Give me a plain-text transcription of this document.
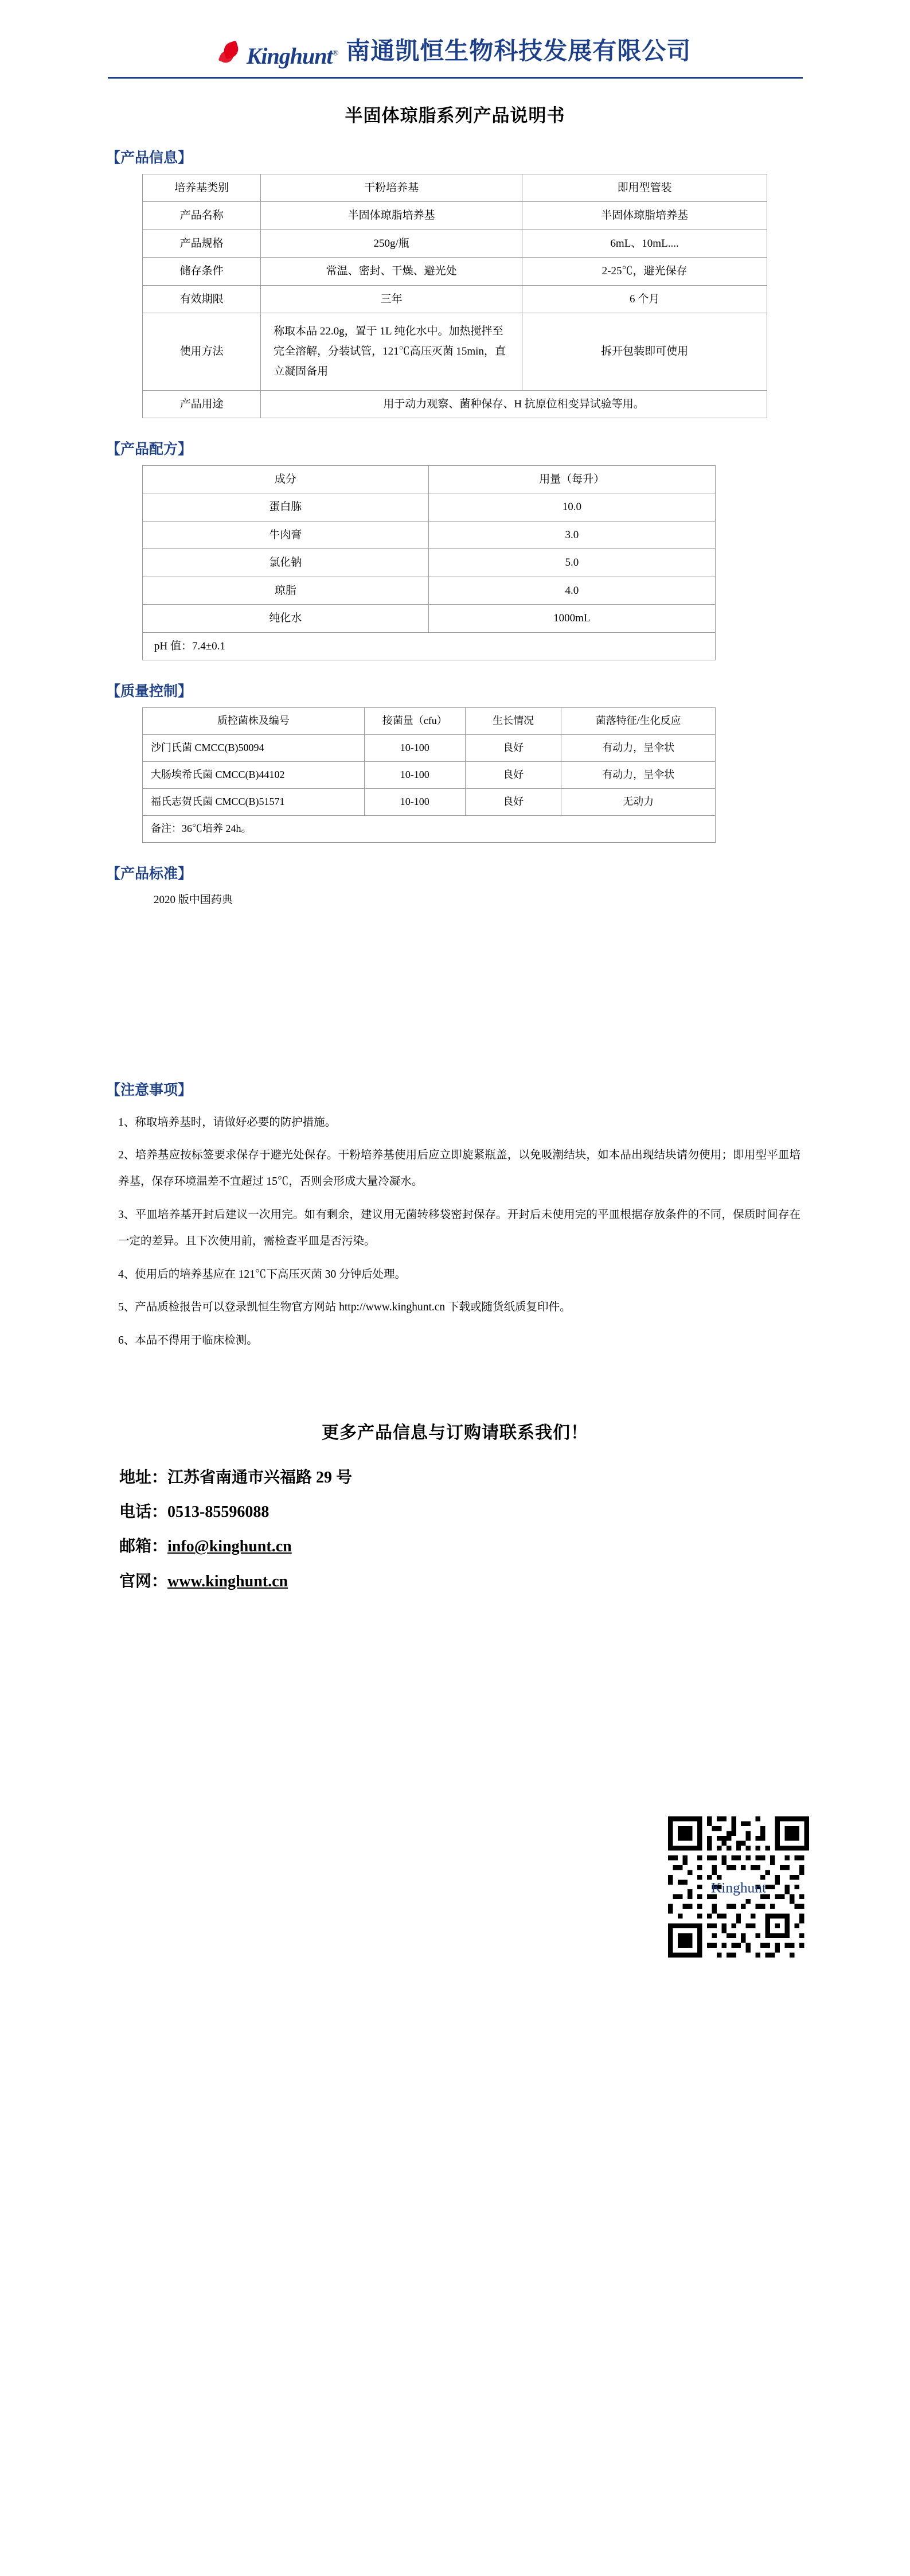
Kinghunt® 南通凯恒生物科技发展有限公司
半固体琼脂系列产品说明书
【产品信息】
培养基类别	干粉培养基	即用型管装
产品名称	半固体琼脂培养基	半固体琼脂培养基
产品规格	250g/瓶	6mL、10mL....
储存条件	常温、密封、干燥、避光处	2-25℃，避光保存
有效期限	三年	6 个月
使用方法	称取本品 22.0g，置于 1L 纯化水中。加热搅拌至完全溶解，分装试管，121℃高压灭菌 15min，直立凝固备用	拆开包装即可使用
产品用途	用于动力观察、菌种保存、H 抗原位相变异试验等用。	
【产品配方】
成分	用量（每升）
蛋白胨	10.0
牛肉膏	3.0
氯化钠	5.0
琼脂	4.0
纯化水	1000mL
pH 值：7.4±0.1	
【质量控制】
质控菌株及编号	接菌量（cfu）	生长情况	菌落特征/生化反应
沙门氏菌 CMCC(B)50094	10-100	良好	有动力，呈伞状
大肠埃希氏菌 CMCC(B)44102	10-100	良好	有动力，呈伞状
福氏志贺氏菌 CMCC(B)51571	10-100	良好	无动力
备注：36℃培养 24h。			
【产品标准】
2020 版中国药典
【注意事项】
1、称取培养基时，请做好必要的防护措施。
2、培养基应按标签要求保存于避光处保存。干粉培养基使用后应立即旋紧瓶盖，以免吸潮结块，如本品出现结块请勿使用；即用型平皿培养基，保存环境温差不宜超过 15℃，否则会形成大量冷凝水。
3、平皿培养基开封后建议一次用完。如有剩余，建议用无菌转移袋密封保存。开封后未使用完的平皿根据存放条件的不同，保质时间存在一定的差异。且下次使用前，需检查平皿是否污染。
4、使用后的培养基应在 121℃下高压灭菌 30 分钟后处理。
5、产品质检报告可以登录凯恒生物官方网站 http://www.kinghunt.cn 下载或随货纸质复印件。
6、本品不得用于临床检测。
更多产品信息与订购请联系我们！
地址：江苏省南通市兴福路 29 号
电话：0513-85596088
邮箱：info@kinghunt.cn
官网：www.kinghunt.cn
Kinghunt
